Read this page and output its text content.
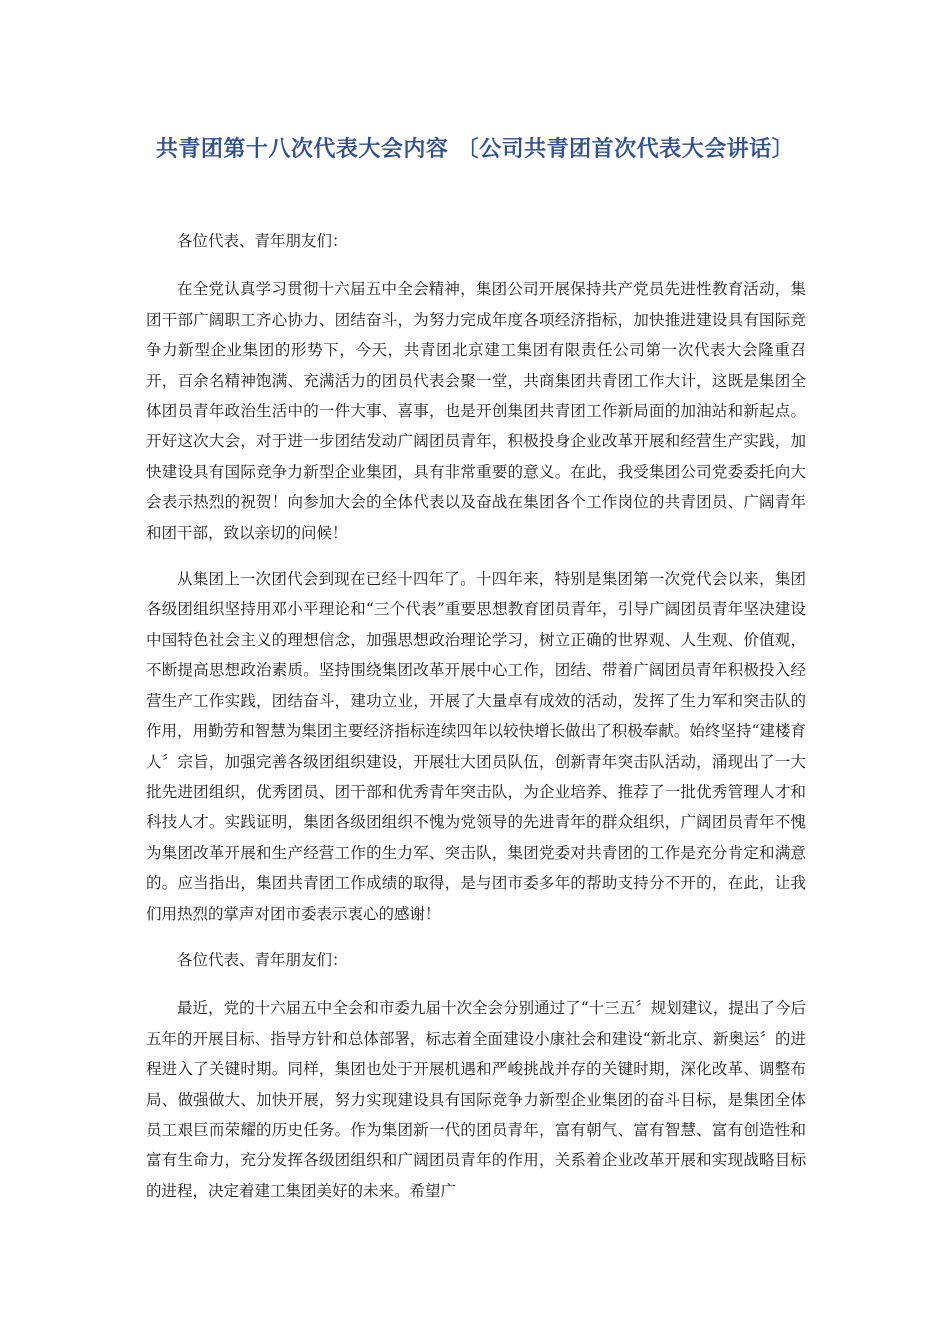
共青团第十八次代表大会内容 〔公司共青团首次代表大会讲话〕

各位代表、青年朋友们：

在全党认真学习贯彻十六届五中全会精神，集团公司开展保持共产党员先进性教育活动，集团干部广阔职工齐心协力、团结奋斗，为努力完成年度各项经济指标，加快推进建设具有国际竞争力新型企业集团的形势下，今天，共青团北京建工集团有限责任公司第一次代表大会隆重召开，百余名精神饱满、充满活力的团员代表会聚一堂，共商集团共青团工作大计，这既是集团全体团员青年政治生活中的一件大事、喜事，也是开创集团共青团工作新局面的加油站和新起点。开好这次大会，对于进一步团结发动广阔团员青年，积极投身企业改革开展和经营生产实践，加快建设具有国际竞争力新型企业集团，具有非常重要的意义。在此，我受集团公司党委委托向大会表示热烈的祝贺！向参加大会的全体代表以及奋战在集团各个工作岗位的共青团员、广阔青年和团干部，致以亲切的问候！

从集团上一次团代会到现在已经十四年了。十四年来，特别是集团第一次党代会以来，集团各级团组织坚持用邓小平理论和“三个代表”重要思想教育团员青年，引导广阔团员青年坚决建设中国特色社会主义的理想信念，加强思想政治理论学习，树立正确的世界观、人生观、价值观，不断提高思想政治素质。坚持围绕集团改革开展中心工作，团结、带着广阔团员青年积极投入经营生产工作实践，团结奋斗，建功立业，开展了大量卓有成效的活动，发挥了生力军和突击队的作用，用勤劳和智慧为集团主要经济指标连续四年以较快增长做出了积极奉献。始终坚持“建楼育人〞宗旨，加强完善各级团组织建设，开展壮大团员队伍，创新青年突击队活动，涌现出了一大批先进团组织，优秀团员、团干部和优秀青年突击队，为企业培养、推荐了一批优秀管理人才和科技人才。实践证明，集团各级团组织不愧为党领导的先进青年的群众组织，广阔团员青年不愧为集团改革开展和生产经营工作的生力军、突击队，集团党委对共青团的工作是充分肯定和满意的。应当指出，集团共青团工作成绩的取得，是与团市委多年的帮助支持分不开的，在此，让我们用热烈的掌声对团市委表示衷心的感谢！

各位代表、青年朋友们：

最近，党的十六届五中全会和市委九届十次全会分别通过了“十三五〞规划建议，提出了今后五年的开展目标、指导方针和总体部署，标志着全面建设小康社会和建设“新北京、新奥运〞的进程进入了关键时期。同样，集团也处于开展机遇和严峻挑战并存的关键时期，深化改革、调整布局、做强做大、加快开展，努力实现建设具有国际竞争力新型企业集团的奋斗目标，是集团全体员工艰巨而荣耀的历史任务。作为集团新一代的团员青年，富有朝气、富有智慧、富有创造性和富有生命力，充分发挥各级团组织和广阔团员青年的作用，关系着企业改革开展和实现战略目标的进程，决定着建工集团美好的未来。希望广
